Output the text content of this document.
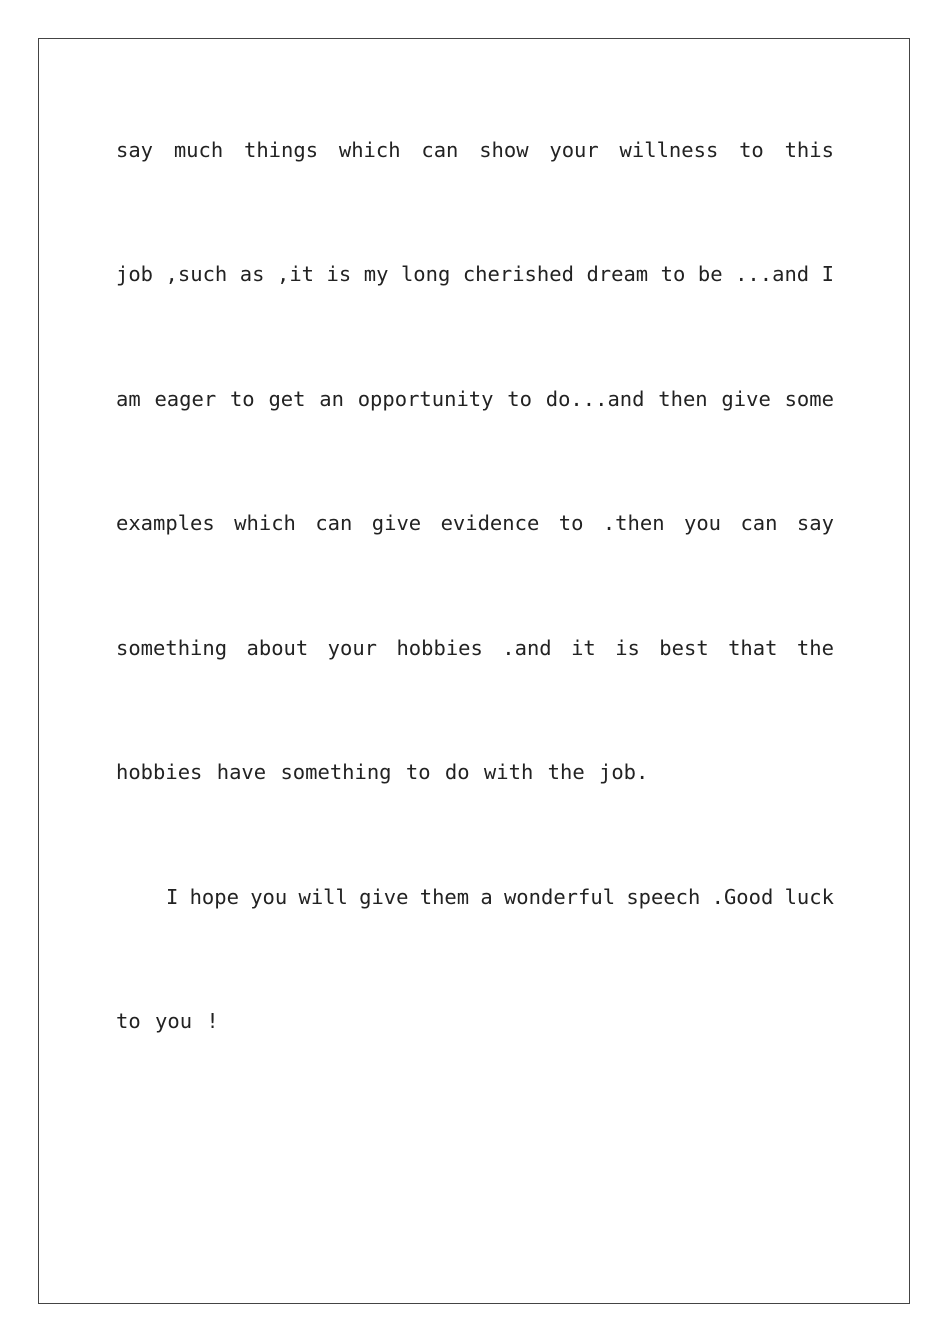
say much things which can show your willness to this
job ,such as ,it is my long cherished dream to be ...and I
am eager to get an opportunity to do...and then give some
examples which can give evidence to .then you can say
something about your hobbies .and it is best that the
hobbies have something to do with the job.
I hope you will give them a wonderful speech .Good luck
to you !
